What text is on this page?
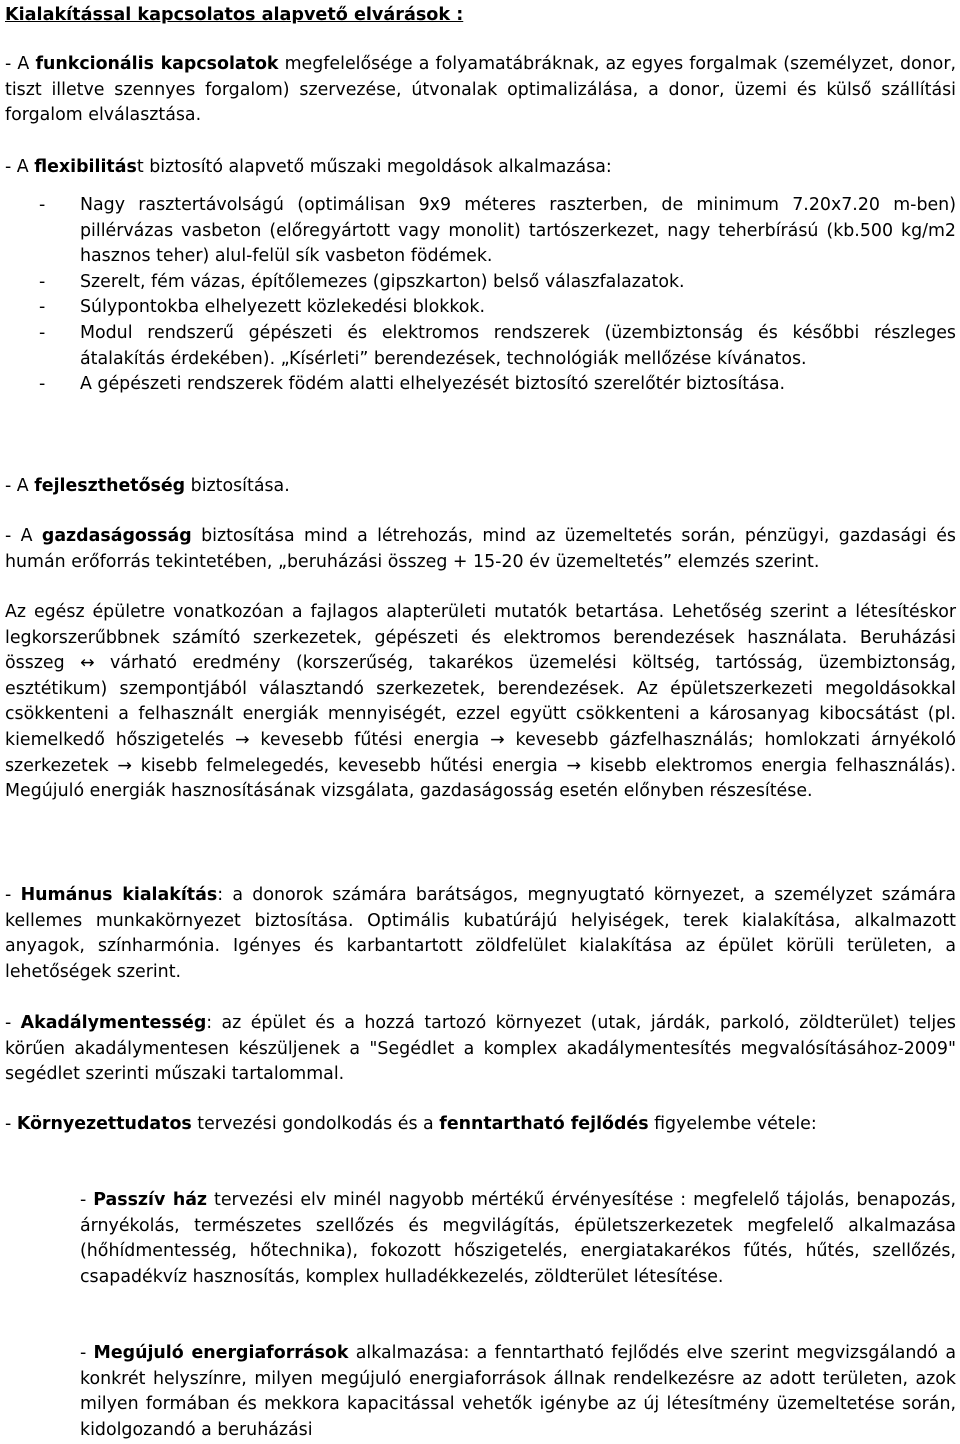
Kialakítással kapcsolatos alapvető elvárások :
- A funkcionális kapcsolatok megfelelősége a folyamatábráknak, az egyes forgalmak (személyzet, donor, tiszt illetve szennyes forgalom) szervezése, útvonalak optimalizálása, a donor, üzemi és külső szállítási forgalom elválasztása.
- A flexibilitást biztosító alapvető műszaki megoldások alkalmazása:
- Nagy rasztertávolságú (optimálisan 9x9 méteres raszterben, de minimum 7.20x7.20 m-ben) pillérvázas vasbeton (előregyártott vagy monolit) tartószerkezet, nagy teherbírású (kb.500 kg/m2 hasznos teher) alul-felül sík vasbeton födémek.
- Szerelt, fém vázas, építőlemezes (gipszkarton) belső válaszfalazatok.
- Súlypontokba elhelyezett közlekedési blokkok.
- Modul rendszerű gépészeti és elektromos rendszerek (üzembiztonság és későbbi részleges átalakítás érdekében). „Kísérleti” berendezések, technológiák mellőzése kívánatos.
- A gépészeti rendszerek födém alatti elhelyezését biztosító szerelőtér biztosítása.
- A fejleszthetőség biztosítása.
- A gazdaságosság biztosítása mind a létrehozás, mind az üzemeltetés során, pénzügyi, gazdasági és humán erőforrás tekintetében, „beruházási összeg + 15-20 év üzemeltetés” elemzés szerint.
Az egész épületre vonatkozóan a fajlagos alapterületi mutatók betartása. Lehetőség szerint a létesítéskor legkorszerűbbnek számító szerkezetek, gépészeti és elektromos berendezések használata. Beruházási összeg ↔ várható eredmény (korszerűség, takarékos üzemelési költség, tartósság, üzembiztonság, esztétikum) szempontjából választandó szerkezetek, berendezések. Az épületszerkezeti megoldásokkal csökkenteni a felhasznált energiák mennyiségét, ezzel együtt csökkenteni a károsanyag kibocsátást (pl. kiemelkedő hőszigetelés → kevesebb fűtési energia → kevesebb gázfelhasználás; homlokzati árnyékoló szerkezetek → kisebb felmelegedés, kevesebb hűtési energia → kisebb elektromos energia felhasználás). Megújuló energiák hasznosításának vizsgálata, gazdaságosság esetén előnyben részesítése.
- Humánus kialakítás: a donorok számára barátságos, megnyugtató környezet, a személyzet számára kellemes munkakörnyezet biztosítása. Optimális kubatúrájú helyiségek, terek kialakítása, alkalmazott anyagok, színharmónia. Igényes és karbantartott zöldfelület kialakítása az épület körüli területen, a lehetőségek szerint.
- Akadálymentesség: az épület és a hozzá tartozó környezet (utak, járdák, parkoló, zöldterület) teljes körűen akadálymentesen készüljenek a "Segédlet a komplex akadálymentesítés megvalósításához-2009" segédlet szerinti műszaki tartalommal.
- Környezettudatos tervezési gondolkodás és a fenntartható fejlődés figyelembe vétele:
- Passzív ház tervezési elv minél nagyobb mértékű érvényesítése : megfelelő tájolás, benapozás, árnyékolás, természetes szellőzés és megvilágítás, épületszerkezetek megfelelő alkalmazása (hőhídmentesség, hőtechnika), fokozott hőszigetelés, energiatakarékos fűtés, hűtés, szellőzés, csapadékvíz hasznosítás, komplex hulladékkezelés, zöldterület létesítése.
- Megújuló energiaforrások alkalmazása: a fenntartható fejlődés elve szerint megvizsgálandó a konkrét helyszínre, milyen megújuló energiaforrások állnak rendelkezésre az adott területen, azok milyen formában és mekkora kapacitással vehetők igénybe az új létesítmény üzemeltetése során, kidolgozandó a beruházási
